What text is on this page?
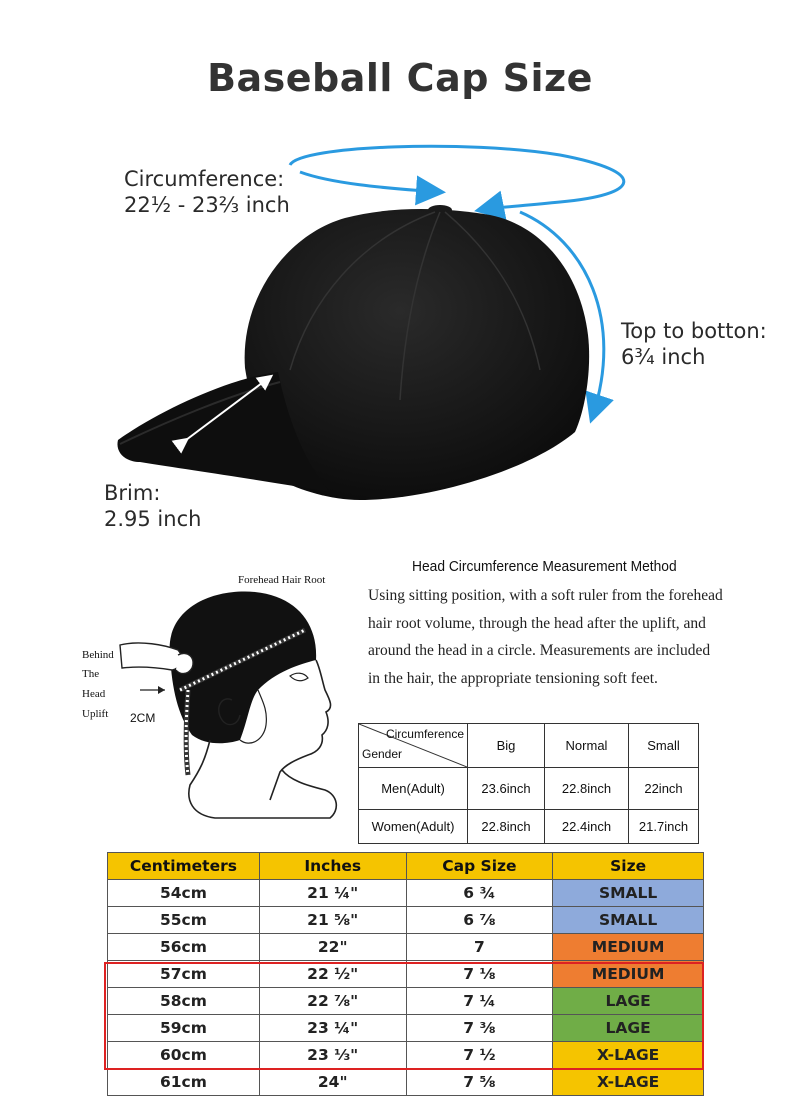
Baseball Cap Size
Circumference:
22½ - 23⅔ inch
Top to botton:
6¾ inch
Brim:
2.95 inch
Head Circumference Measurement Method
Using sitting position, with a soft ruler from the forehead
hair root volume, through the head after the uplift, and
around the head in a circle. Measurements are included
in the hair, the appropriate tensioning soft feet.
Forehead Hair Root
Behind
The
Head
Uplift 2CM
Circumference
Gender	Big	Normal	Small
Men(Adult)	23.6inch	22.8inch	22inch
Women(Adult)	22.8inch	22.4inch	21.7inch
Centimeters	Inches	Cap Size	Size
54cm	21 ¼"	6 ¾	SMALL
55cm	21 ⅝"	6 ⅞	SMALL
56cm	22"	7	MEDIUM
57cm	22 ½"	7 ⅛	MEDIUM
58cm	22 ⅞"	7 ¼	LAGE
59cm	23 ¼"	7 ⅜	LAGE
60cm	23 ⅓"	7 ½	X-LAGE
61cm	24"	7 ⅝	X-LAGE
